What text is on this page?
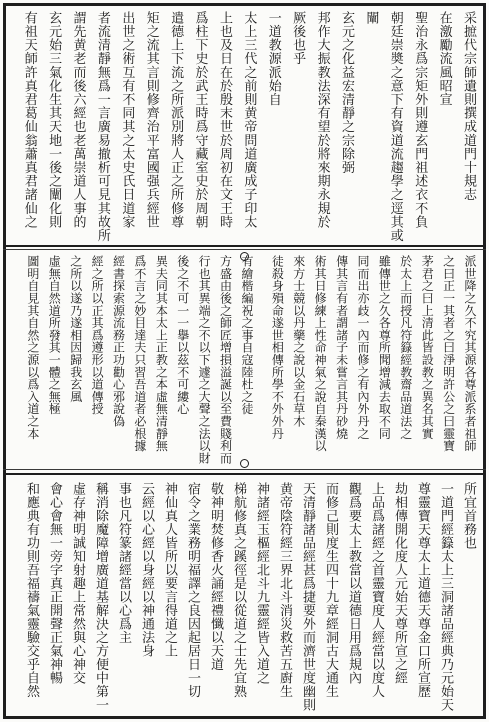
采摭代宗師遺則撰成道門十規志
在激勵流風昭宣
聖治永爲宗矩外則遵玄門祖述衣不負
朝廷崇奬之意下有資道流趨學之逕其或
闡
玄元之化益宏清靜之宗除弼
邦作大振教法深有望於將來期永規於
厥後也乎
一道教源派始自
太上三代之前則黄帝問道廣成子印太
上也及日在於殷末世於周初在文王時
爲柱下史於武王時爲守藏室史於周朝
遣德上下流之所派別將人正之所修尊
矩之流其言則修齊治平富國强兵經世
出世之術互有不同其之太史氏日道家
者流清靜無爲一言廣易撤析可見其故所
謂先黄老而後六經也老萬崇道人事的
玄元始三氣化生其天地一後之闡化則
有祖天師許真君葛仙翁蕭真君諸仙之
派世降之久不究其源各尊派系者祖師
之曰正一其者之曰淨明許公之曰靈寶
茅君之曰上清此皆設教之異名其實
於太上而授凡符籙經教齋品道法之
雖傳世之久各尊所聞增減去取不同
同而出亦歧一內而修之有內外丹之
傳其言有者謂諸子未嘗言其丹砂燒
術其日修練上性命神氣之說自秦漢以
來方士競以丹藥之說以金石草木
徒殺身殞命遂世相傳所學不外外丹
有繪楷編祝之事自寇陸杜之徒
方盛由後之師匠增損溢誕以至費賤利而
行也其異端之不以下遽之大聲之法以財
後之不可一一擧以茲不可縷心
異夫同其本太上正教之本虛無清靜無
爲不言之妙目達夫只習吾道者必根據
經書探索源流務正功勸心邪說偽
經之所以正其爲遵形以道傳授
之所以遂乃遂相因歸我玄風
虛無自然道所發其一體之無極
圖明自見其自然之源以爲入道之本
所宜首務也
一道門經籙太上三洞諸品經典乃元始天
尊靈寶天尊太上道德天尊金口所宣歷
劫相傳開化度人元始天尊所宣之經
上品爲諸經之首靈寶度人經當以度人
觀爲要太上教當以道德日用爲規內
而修己則度生四十九章經洞古大通生
天清靜諸品經甚爲捷要外而濟世度幽則
黄帝陰符經三界北斗消災救苦五廚生
神諸經玉樞經北斗九靈經皆入道之
梯航修真之蹊徑是以從道之士先宜熟
敬神明焚修香火誦經禮懺以天道
宿令之業務明福譯之良因起居日一切
神仙真人皆所以要言得道之上
云經以心經以身經以神通法身
事也凡符篆諸經當以心爲主
稱消除魔障增廣道基解決之方便中第一
虛存神明誠知射趣上常然與心神交
會心會無一旁字真正開聲正氣神暢
和應典有功則吾福禱氣靈驗交乎自然
